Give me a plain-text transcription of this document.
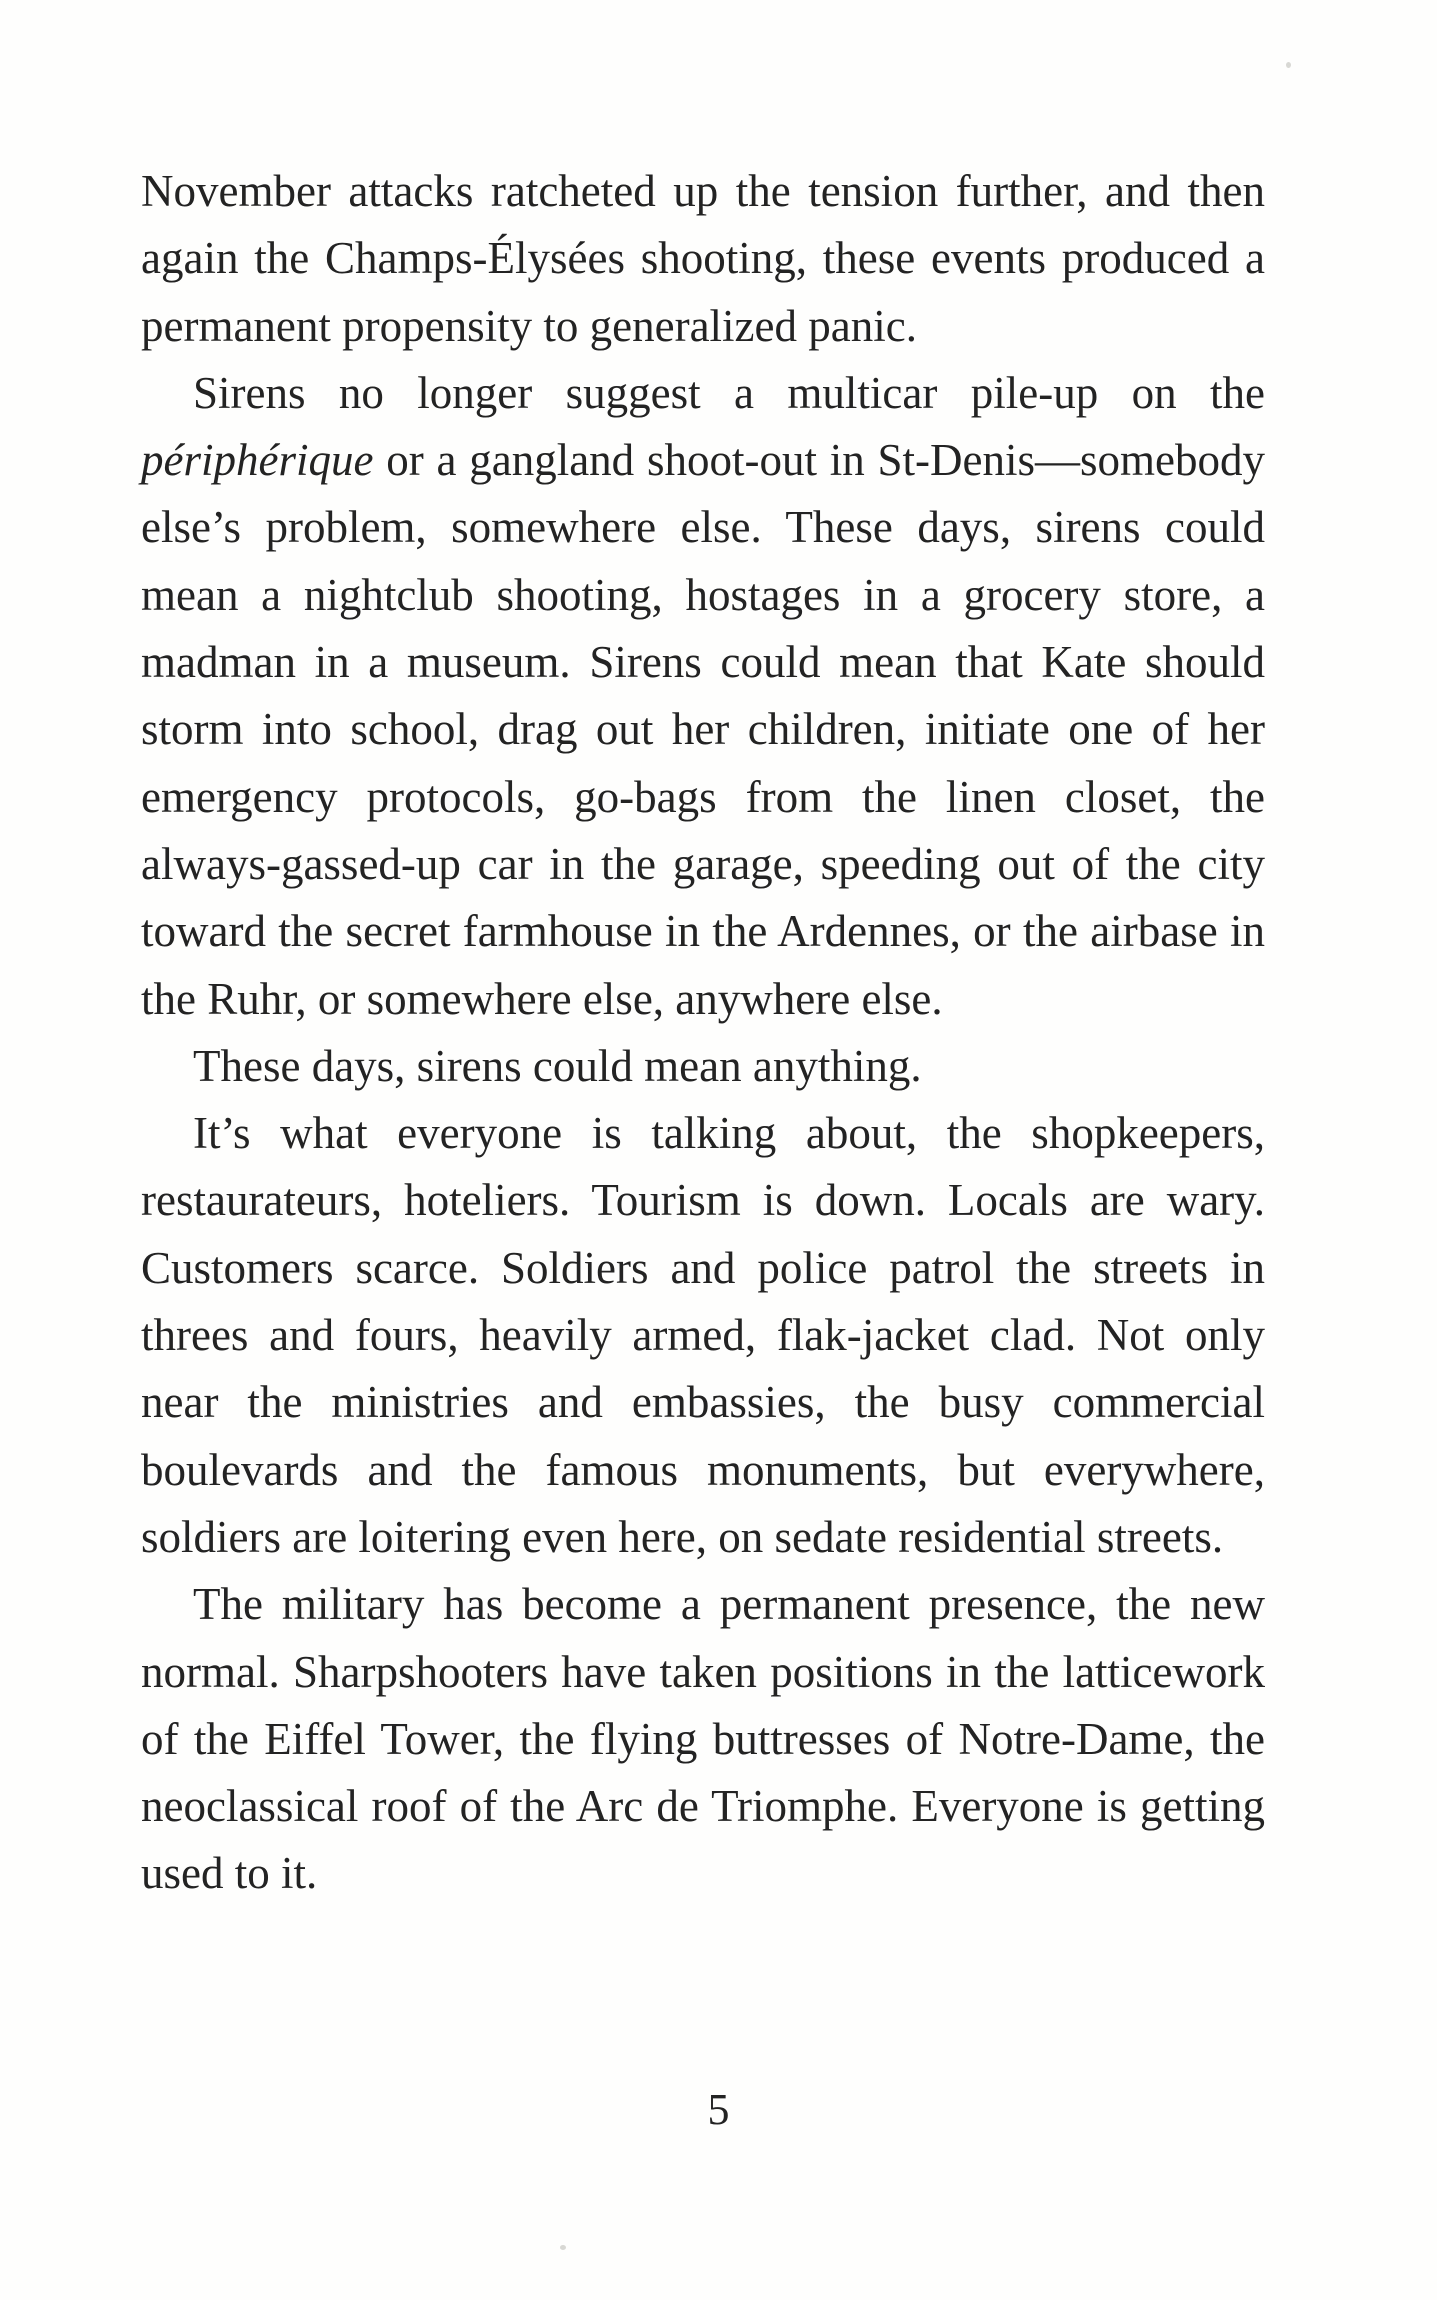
November attacks ratcheted up the tension further, and then again the Champs-Élysées shooting, these events produced a permanent propensity to generalized panic.

Sirens no longer suggest a multicar pile-up on the périphérique or a gangland shoot-out in St-Denis—somebody else’s problem, somewhere else. These days, sirens could mean a nightclub shooting, hostages in a grocery store, a madman in a museum. Sirens could mean that Kate should storm into school, drag out her children, initiate one of her emergency protocols, go-bags from the linen closet, the always-gassed-up car in the garage, speeding out of the city toward the secret farmhouse in the Ardennes, or the airbase in the Ruhr, or somewhere else, anywhere else.

These days, sirens could mean anything.

It’s what everyone is talking about, the shopkeepers, restaurateurs, hoteliers. Tourism is down. Locals are wary. Customers scarce. Soldiers and police patrol the streets in threes and fours, heavily armed, flak-jacket clad. Not only near the ministries and embassies, the busy commercial boulevards and the famous monuments, but everywhere, soldiers are loitering even here, on sedate residential streets.

The military has become a permanent presence, the new normal. Sharpshooters have taken positions in the latticework of the Eiffel Tower, the flying buttresses of Notre-Dame, the neoclassical roof of the Arc de Triomphe. Everyone is getting used to it.

5
